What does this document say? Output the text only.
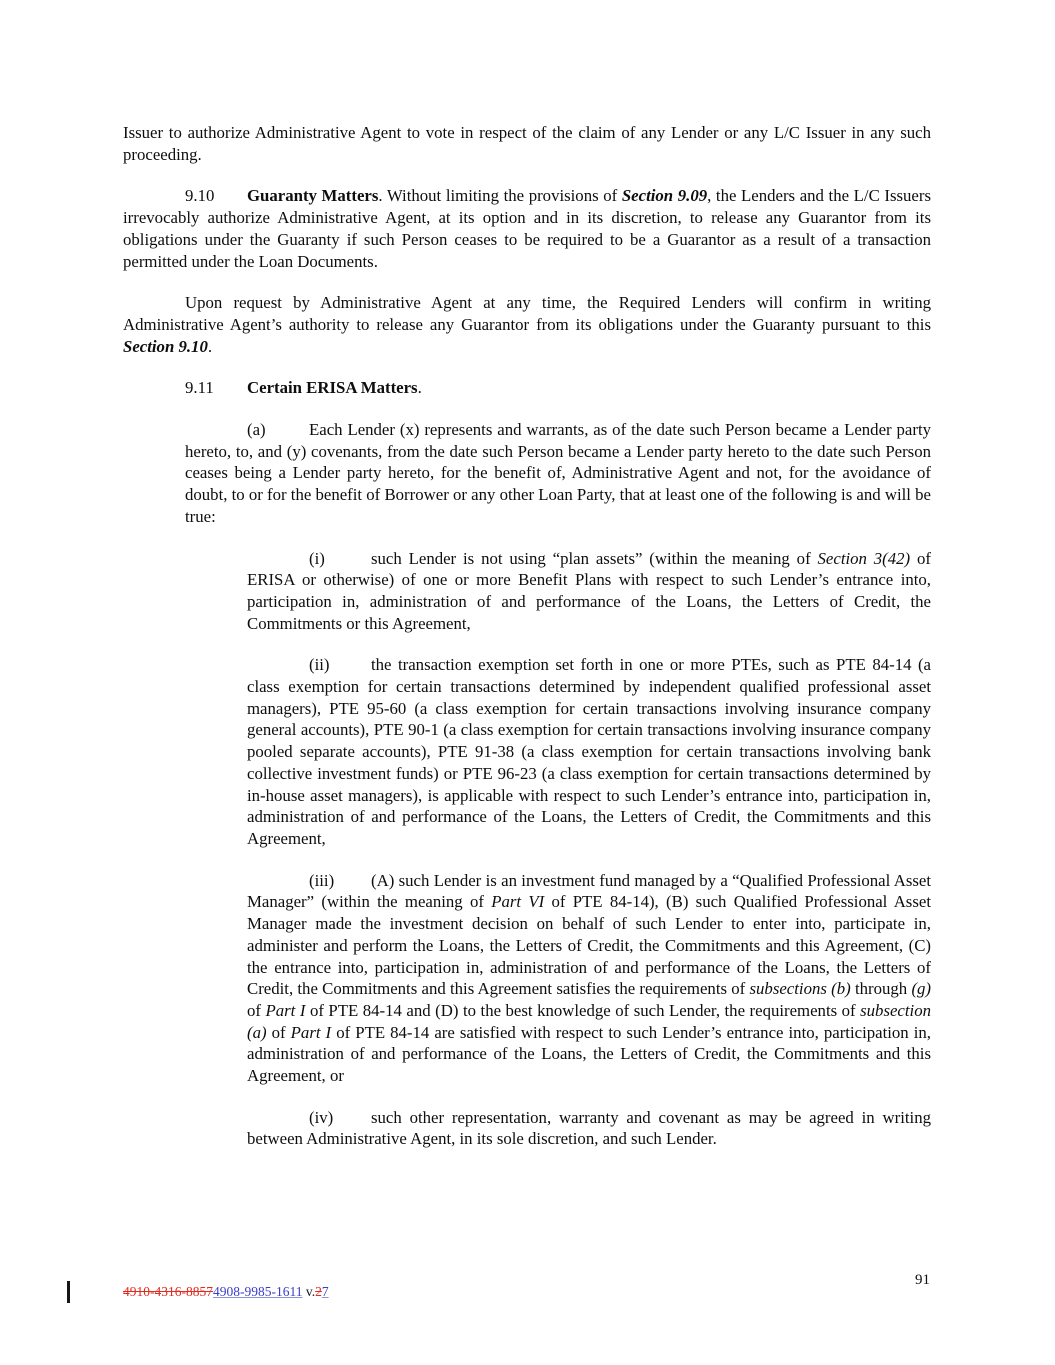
Issuer to authorize Administrative Agent to vote in respect of the claim of any Lender or any L/C Issuer in any such proceeding.

9.10 Guaranty Matters. Without limiting the provisions of Section 9.09, the Lenders and the L/C Issuers irrevocably authorize Administrative Agent, at its option and in its discretion, to release any Guarantor from its obligations under the Guaranty if such Person ceases to be required to be a Guarantor as a result of a transaction permitted under the Loan Documents.

Upon request by Administrative Agent at any time, the Required Lenders will confirm in writing Administrative Agent’s authority to release any Guarantor from its obligations under the Guaranty pursuant to this Section 9.10.

9.11 Certain ERISA Matters.

(a)	Each Lender (x) represents and warrants, as of the date such Person became a Lender party hereto, to, and (y) covenants, from the date such Person became a Lender party hereto to the date such Person ceases being a Lender party hereto, for the benefit of, Administrative Agent and not, for the avoidance of doubt, to or for the benefit of Borrower or any other Loan Party, that at least one of the following is and will be true:

(i)	such Lender is not using “plan assets” (within the meaning of Section 3(42) of ERISA or otherwise) of one or more Benefit Plans with respect to such Lender’s entrance into, participation in, administration of and performance of the Loans, the Letters of Credit, the Commitments or this Agreement,

(ii) the transaction exemption set forth in one or more PTEs, such as PTE 84-14 (a class exemption for certain transactions determined by independent qualified professional asset managers), PTE 95-60 (a class exemption for certain transactions involving insurance company general accounts), PTE 90-1 (a class exemption for certain transactions involving insurance company pooled separate accounts), PTE 91-38 (a class exemption for certain transactions involving bank collective investment funds) or PTE 96-23 (a class exemption for certain transactions determined by in-house asset managers), is applicable with respect to such Lender’s entrance into, participation in, administration of and performance of the Loans, the Letters of Credit, the Commitments and this Agreement,

(iii) (A) such Lender is an investment fund managed by a “Qualified Professional Asset Manager” (within the meaning of Part VI of PTE 84-14), (B) such Qualified Professional Asset Manager made the investment decision on behalf of such Lender to enter into, participate in, administer and perform the Loans, the Letters of Credit, the Commitments and this Agreement, (C) the entrance into, participation in, administration of and performance of the Loans, the Letters of Credit, the Commitments and this Agreement satisfies the requirements of subsections (b) through (g) of Part I of PTE 84-14 and (D) to the best knowledge of such Lender, the requirements of subsection (a) of Part I of PTE 84-14 are satisfied with respect to such Lender’s entrance into, participation in, administration of and performance of the Loans, the Letters of Credit, the Commitments and this Agreement, or

(iv) such other representation, warranty and covenant as may be agreed in writing between Administrative Agent, in its sole discretion, and such Lender.

4910-4316-88574908-9985-1611 v.27
91
